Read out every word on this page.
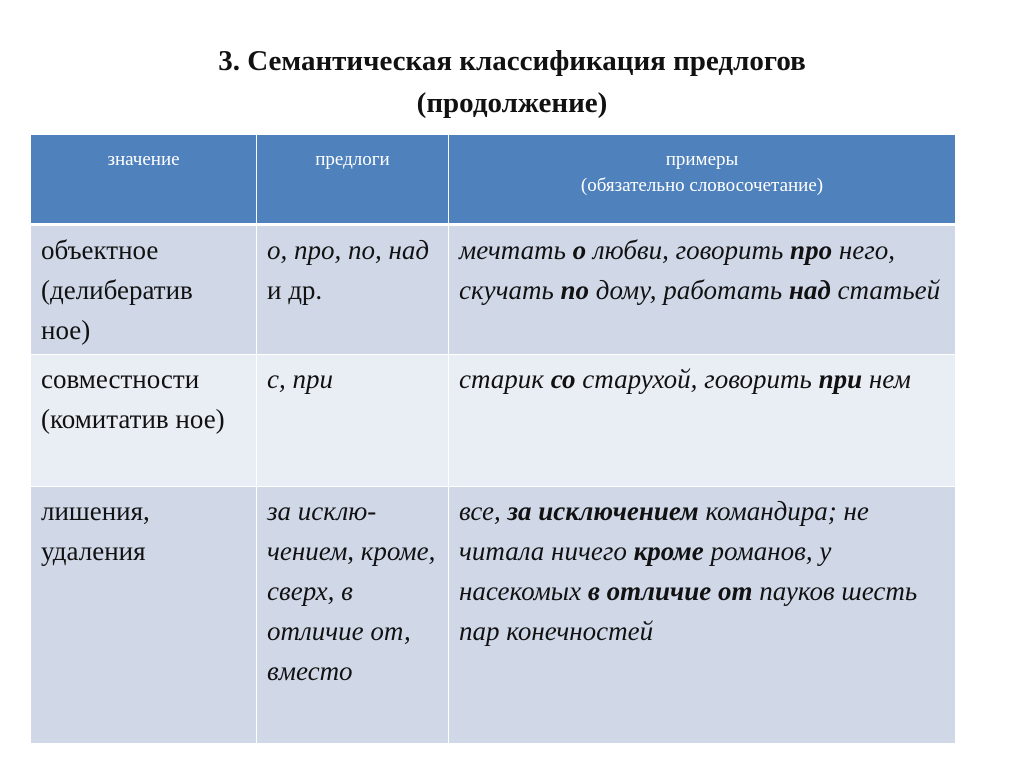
3. Семантическая классификация предлогов
(продолжение)
значение	предлоги	примеры
(обязательно словосочетание)

объектное (делибератив ное)	о, про, по, над и др.	мечтать о любви, говорить про него, скучать по дому, работать над статьей
совместности (комитатив ное)	с, при	старик со старухой, говорить при нем
лишения, удаления	за исклю- чением, кроме, сверх, в отличие от, вместо	все, за исключением командира; не читала ничего кроме романов, у насекомых в отличие от пауков шесть пар конечностей
